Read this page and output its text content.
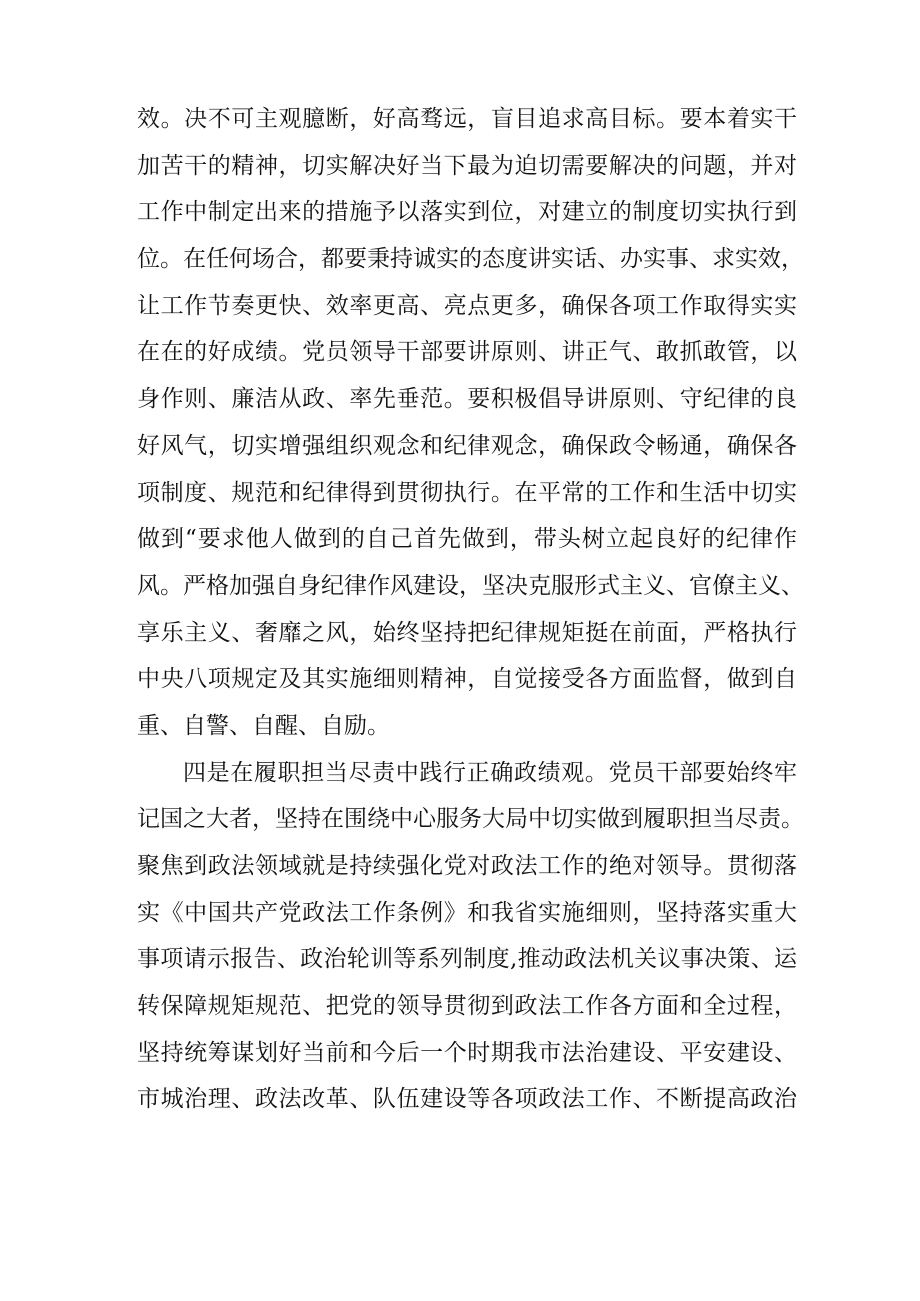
效。决不可主观臆断，好高骛远，盲目追求高目标。要本着实干
加苦干的精神，切实解决好当下最为迫切需要解决的问题，并对
工作中制定出来的措施予以落实到位，对建立的制度切实执行到
位。在任何场合，都要秉持诚实的态度讲实话、办实事、求实效，
让工作节奏更快、效率更高、亮点更多，确保各项工作取得实实
在在的好成绩。党员领导干部要讲原则、讲正气、敢抓敢管，以
身作则、廉洁从政、率先垂范。要积极倡导讲原则、守纪律的良
好风气，切实增强组织观念和纪律观念，确保政令畅通，确保各
项制度、规范和纪律得到贯彻执行。在平常的工作和生活中切实
做到“要求他人做到的自己首先做到，带头树立起良好的纪律作
风。严格加强自身纪律作风建设，坚决克服形式主义、官僚主义、
享乐主义、奢靡之风，始终坚持把纪律规矩挺在前面，严格执行
中央八项规定及其实施细则精神，自觉接受各方面监督，做到自
重、自警、自醒、自励。
四是在履职担当尽责中践行正确政绩观。党员干部要始终牢
记国之大者，坚持在围绕中心服务大局中切实做到履职担当尽责。
聚焦到政法领域就是持续强化党对政法工作的绝对领导。贯彻落
实《中国共产党政法工作条例》和我省实施细则，坚持落实重大
事项请示报告、政治轮训等系列制度,推动政法机关议事决策、运
转保障规矩规范、把党的领导贯彻到政法工作各方面和全过程，
坚持统筹谋划好当前和今后一个时期我市法治建设、平安建设、
市城治理、政法改革、队伍建设等各项政法工作、不断提高政治
